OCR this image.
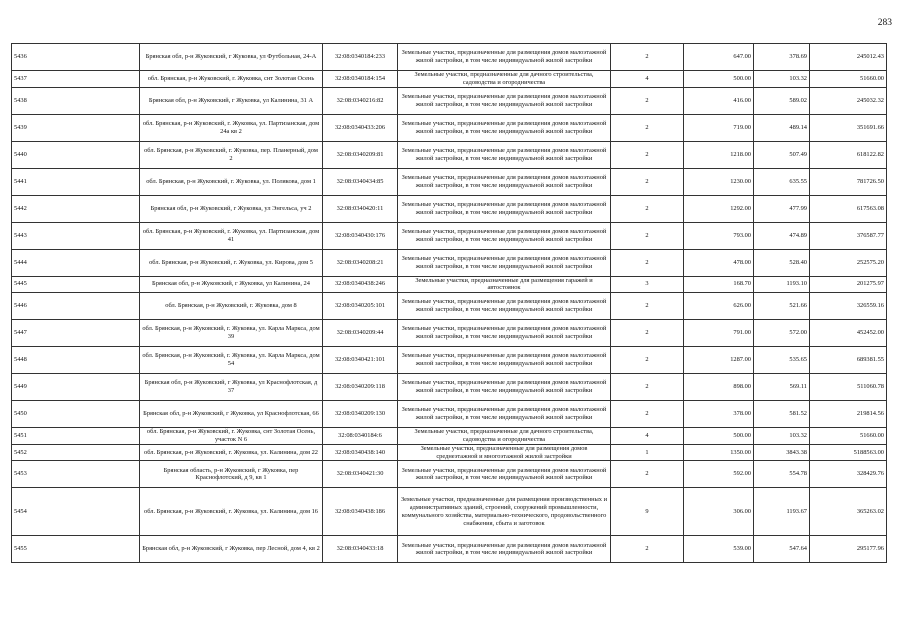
283
5436	Брянская обл, р-н Жуковский, г Жуковка, ул Футбольная, 24-А	32:08:0340184:233	Земельные участки, предназначенные для размещения домов малоэтажной жилой застройки, в том числе индивидуальной жилой застройки	2	647.00	378.69	245012.43
5437	обл. Брянская, р-н Жуковский, г. Жуковка, снт Золотая Осень	32:08:0340184:154	Земельные участки, предназначенные для дачного строительства, садоводства и огородничества	4	500.00	103.32	51660.00
5438	Брянская обл, р-н Жуковский, г Жуковка, ул Калинина, 31 А	32:08:0340216:82	Земельные участки, предназначенные для размещения домов малоэтажной жилой застройки, в том числе индивидуальной жилой застройки	2	416.00	589.02	245032.32
5439	обл. Брянская, р-н Жуковский, г. Жуковка, ул. Партизанская, дом 24а кв 2	32:08:0340433:206	Земельные участки, предназначенные для размещения домов малоэтажной жилой застройки, в том числе индивидуальной жилой застройки	2	719.00	489.14	351691.66
5440	обл. Брянская, р-н Жуковский, г. Жуковка, пер. Планерный, дом 2	32:08:0340209:81	Земельные участки, предназначенные для размещения домов малоэтажной жилой застройки, в том числе индивидуальной жилой застройки	2	1218.00	507.49	618122.82
5441	обл. Брянская, р-н Жуковский, г. Жуковка, ул. Полякова, дом 1	32:08:0340434:85	Земельные участки, предназначенные для размещения домов малоэтажной жилой застройки, в том числе индивидуальной жилой застройки	2	1230.00	635.55	781726.50
5442	Брянская обл, р-н Жуковский, г Жуковка, ул Энгельса, уч 2	32:08:0340420:11	Земельные участки, предназначенные для размещения домов малоэтажной жилой застройки, в том числе индивидуальной жилой застройки	2	1292.00	477.99	617563.08
5443	обл. Брянская, р-н Жуковский, г. Жуковка, ул. Партизанская, дом 41	32:08:0340430:176	Земельные участки, предназначенные для размещения домов малоэтажной жилой застройки, в том числе индивидуальной жилой застройки	2	793.00	474.89	376587.77
5444	обл. Брянская, р-н Жуковский, г. Жуковка, ул. Кирова, дом 5	32:08:0340208:21	Земельные участки, предназначенные для размещения домов малоэтажной жилой застройки, в том числе индивидуальной жилой застройки	2	478.00	528.40	252575.20
5445	Брянская обл, р-н Жуковский, г Жуковка, ул Калинина, 24	32:08:0340438:246	Земельные участки, предназначенные для размещения гаражей и автостоянок	3	168.70	1193.10	201275.97
5446	обл. Брянская, р-н Жуковский, г. Жуковка, дом 8	32:08:0340205:101	Земельные участки, предназначенные для размещения домов малоэтажной жилой застройки, в том числе индивидуальной жилой застройки	2	626.00	521.66	326559.16
5447	обл. Брянская, р-н Жуковский, г. Жуковка, ул. Карла Маркса, дом 39	32:08:0340209:44	Земельные участки, предназначенные для размещения домов малоэтажной жилой застройки, в том числе индивидуальной жилой застройки	2	791.00	572.00	452452.00
5448	обл. Брянская, р-н Жуковский, г. Жуковка, ул. Карла Маркса, дом 54	32:08:0340421:101	Земельные участки, предназначенные для размещения домов малоэтажной жилой застройки, в том числе индивидуальной жилой застройки	2	1287.00	535.65	689381.55
5449	Брянская обл, р-н Жуковский, г Жуковка, ул Краснофлотская, д 37	32:08:0340209:118	Земельные участки, предназначенные для размещения домов малоэтажной жилой застройки, в том числе индивидуальной жилой застройки	2	898.00	569.11	511060.78
5450	Брянская обл, р-н Жуковский, г Жуковка, ул Краснофлотская, 66	32:08:0340209:130	Земельные участки, предназначенные для размещения домов малоэтажной жилой застройки, в том числе индивидуальной жилой застройки	2	378.00	581.52	219814.56
5451	обл. Брянская, р-н Жуковский, г. Жуковка, снт Золотая Осень, участок N 6	32:08:0340184:6	Земельные участки, предназначенные для дачного строительства, садоводства и огородничества	4	500.00	103.32	51660.00
5452	обл. Брянская, р-н Жуковский, г. Жуковка, ул. Калинина, дом 22	32:08:0340438:140	Земельные участки, предназначенные для размещения домов среднеэтажной и многоэтажной жилой застройки	1	1350.00	3843.38	5188563.00
5453	Брянская область, р-н Жуковский, г Жуковка, пер Краснофлотский, д 9, кв 1	32:08:0340421:30	Земельные участки, предназначенные для размещения домов малоэтажной жилой застройки, в том числе индивидуальной жилой застройки	2	592.00	554.78	328429.76
5454	обл. Брянская, р-н Жуковский, г. Жуковка, ул. Калинина, дом 16	32:08:0340438:186	Земельные участки, предназначенные для размещения производственных и административных зданий, строений, сооружений промышленности, коммунального хозяйства, материально-технического, продовольственного снабжения, сбыта и заготовок	9	306.00	1193.67	365263.02
5455	Брянская обл, р-н Жуковский, г Жуковка, пер Лесной, дом 4, кв 2	32:08:0340433:18	Земельные участки, предназначенные для размещения домов малоэтажной жилой застройки, в том числе индивидуальной жилой застройки	2	539.00	547.64	295177.96
